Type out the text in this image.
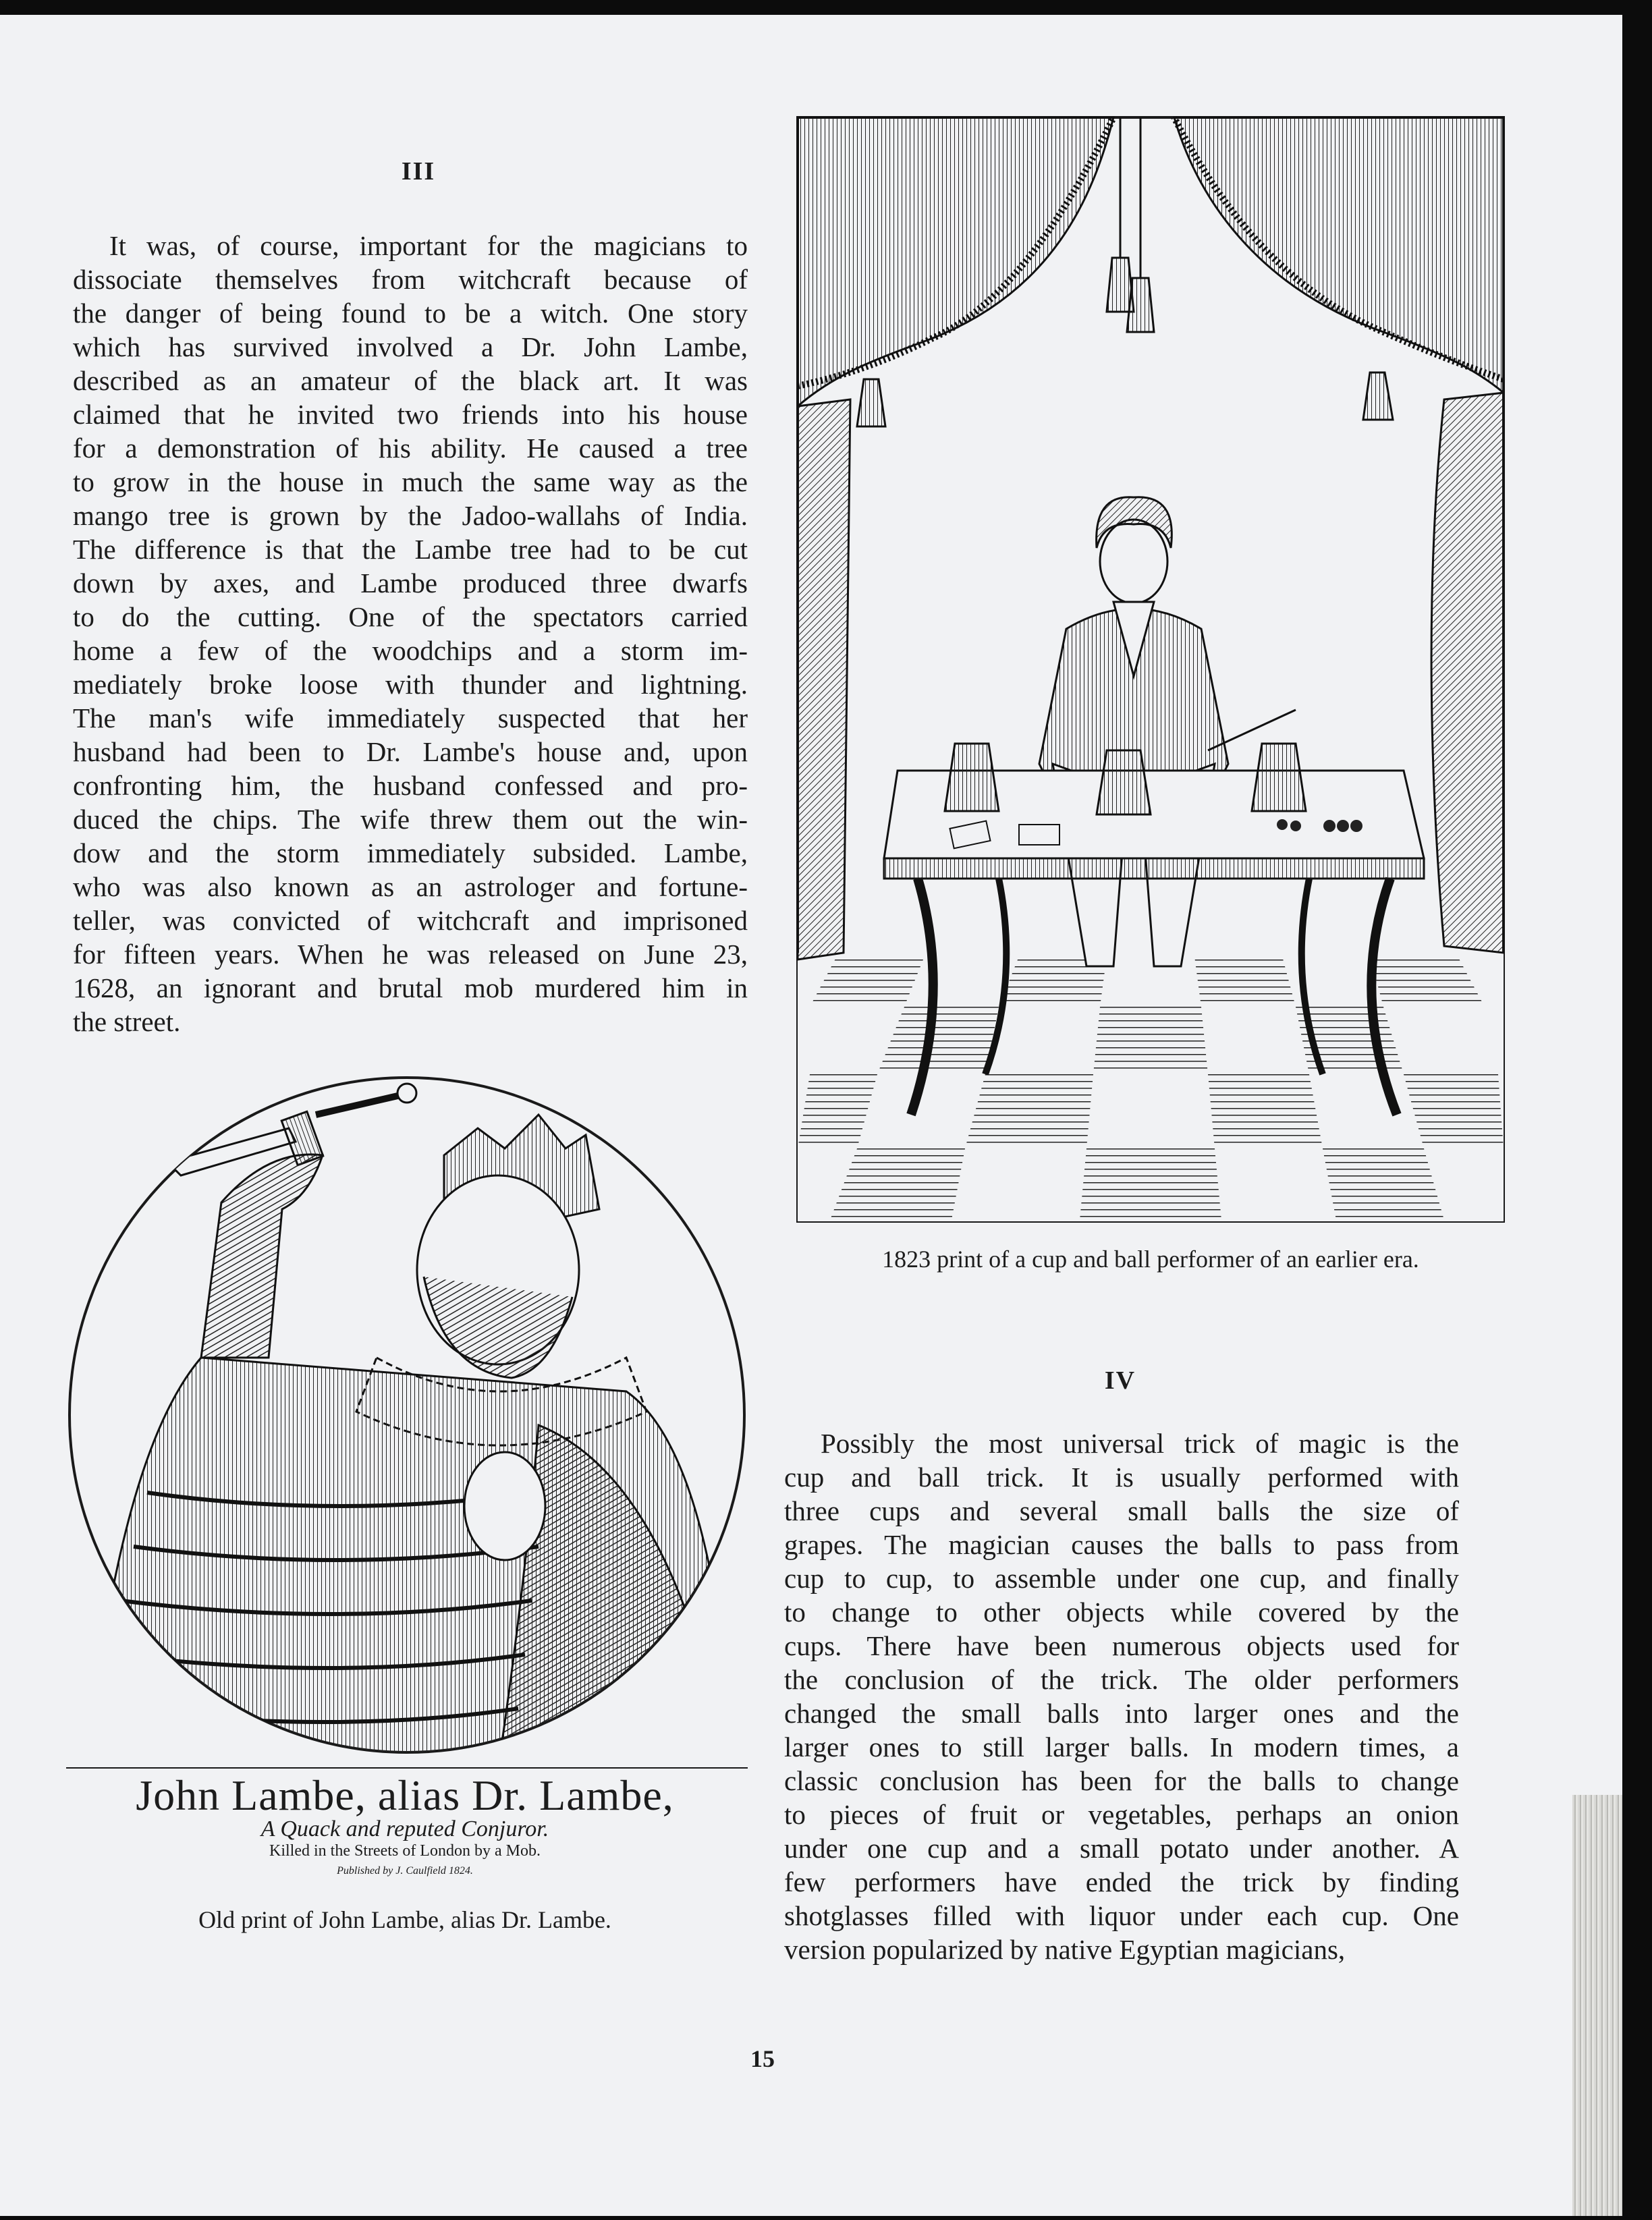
III

It was, of course, important for the magicians to
dissociate themselves from witchcraft because of
the danger of being found to be a witch. One story
which has survived involved a Dr. John Lambe,
described as an amateur of the black art. It was
claimed that he invited two friends into his house
for a demonstration of his ability. He caused a tree
to grow in the house in much the same way as the
mango tree is grown by the Jadoo-wallahs of India.
The difference is that the Lambe tree had to be cut
down by axes, and Lambe produced three dwarfs
to do the cutting. One of the spectators carried
home a few of the woodchips and a storm im-
mediately broke loose with thunder and lightning.
The man's wife immediately suspected that her
husband had been to Dr. Lambe's house and, upon
confronting him, the husband confessed and pro-
duced the chips. The wife threw them out the win-
dow and the storm immediately subsided. Lambe,
who was also known as an astrologer and fortune-
teller, was convicted of witchcraft and imprisoned
for fifteen years. When he was released on June 23,
1628, an ignorant and brutal mob murdered him in
the street.

1823 print of a cup and ball performer of an earlier era.
IV

Possibly the most universal trick of magic is the
cup and ball trick. It is usually performed with
three cups and several small balls the size of
grapes. The magician causes the balls to pass from
cup to cup, to assemble under one cup, and finally
to change to other objects while covered by the
cups. There have been numerous objects used for
the conclusion of the trick. The older performers
changed the small balls into larger ones and the
larger ones to still larger balls. In modern times, a
classic conclusion has been for the balls to change
to pieces of fruit or vegetables, perhaps an onion
under one cup and a small potato under another. A
few performers have ended the trick by finding
shotglasses filled with liquor under each cup. One
version popularized by native Egyptian magicians,

John Lambe, alias Dr. Lambe,
A Quack and reputed Conjuror.
Killed in the Streets of London by a Mob.
Published by J. Caulfield 1824.
Old print of John Lambe, alias Dr. Lambe.
15
